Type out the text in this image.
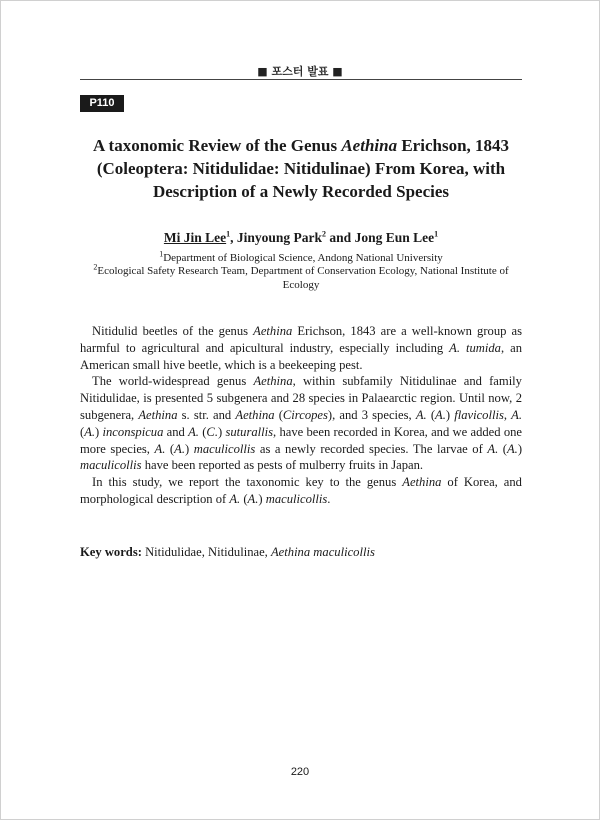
■ 포스터 발표 ■
P110
A taxonomic Review of the Genus Aethina Erichson, 1843
(Coleoptera: Nitidulidae: Nitidulinae) From Korea, with
Description of a Newly Recorded Species
Mi Jin Lee$^1$, Jinyoung Park$^2$ and Jong Eun Lee$^1$
$^1$Department of Biological Science, Andong National University
$^2$Ecological Safety Research Team, Department of Conservation Ecology, National Institute of Ecology

Nitidulid beetles of the genus Aethina Erichson, 1843 are a well-known group as harmful to agricultural and apicultural industry, especially including A. tumida, an American small hive beetle, which is a beekeeping pest.

The world-widespread genus Aethina, within subfamily Nitidulinae and family Nitidulidae, is presented 5 subgenera and 28 species in Palaearctic region. Until now, 2 subgenera, Aethina s. str. and Aethina (Circopes), and 3 species, A. (A.) flavicollis, A. (A.) inconspicua and A. (C.) suturallis, have been recorded in Korea, and we added one more species, A. (A.) maculicollis as a newly recorded species. The larvae of A. (A.) maculicollis have been reported as pests of mulberry fruits in Japan.

In this study, we report the taxonomic key to the genus Aethina of Korea, and morphological description of A. (A.) maculicollis.

Key words: Nitidulidae, Nitidulinae, Aethina maculicollis
220
